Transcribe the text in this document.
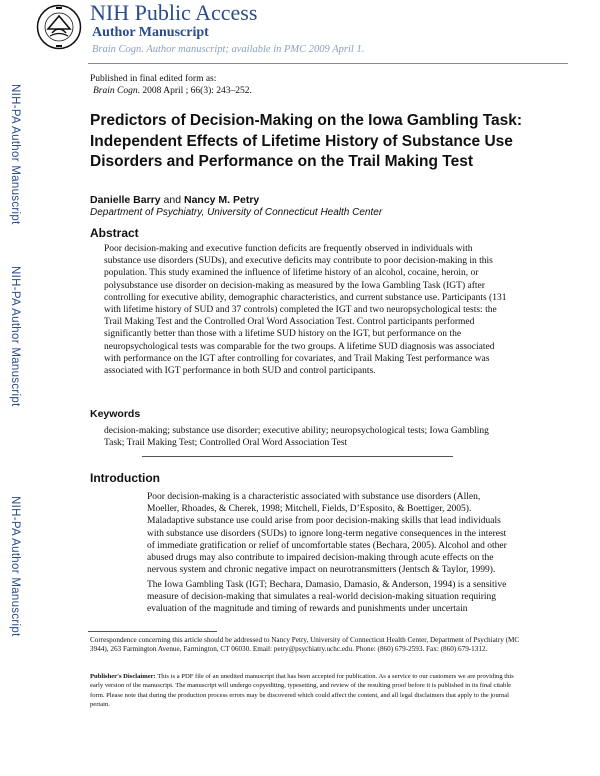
NIH Public Access
Author Manuscript
Brain Cogn. Author manuscript; available in PMC 2009 April 1.
NIH-PA Author Manuscript
NIH-PA Author Manuscript
NIH-PA Author Manuscript
Published in final edited form as:
Brain Cogn. 2008 April ; 66(3): 243–252.
Predictors of Decision-Making on the Iowa Gambling Task: Independent Effects of Lifetime History of Substance Use Disorders and Performance on the Trail Making Test
Danielle Barry and Nancy M. Petry
Department of Psychiatry, University of Connecticut Health Center
Abstract

Poor decision-making and executive function deficits are frequently observed in individuals with substance use disorders (SUDs), and executive deficits may contribute to poor decision-making in this population. This study examined the influence of lifetime history of an alcohol, cocaine, heroin, or polysubstance use disorder on decision-making as measured by the Iowa Gambling Task (IGT) after controlling for executive ability, demographic characteristics, and current substance use. Participants (131 with lifetime history of SUD and 37 controls) completed the IGT and two neuropsychological tests: the Trail Making Test and the Controlled Oral Word Association Test. Control participants performed significantly better than those with a lifetime SUD history on the IGT, but performance on the neuropsychological tests was comparable for the two groups. A lifetime SUD diagnosis was associated with performance on the IGT after controlling for covariates, and Trail Making Test performance was associated with IGT performance in both SUD and control participants.

Keywords

decision-making; substance use disorder; executive ability; neuropsychological tests; Iowa Gambling Task; Trail Making Test; Controlled Oral Word Association Test

Introduction

Poor decision-making is a characteristic associated with substance use disorders (Allen, Moeller, Rhoades, & Cherek, 1998; Mitchell, Fields, D’Esposito, & Boettiger, 2005). Maladaptive substance use could arise from poor decision-making skills that lead individuals with substance use disorders (SUDs) to ignore long-term negative consequences in the interest of immediate gratification or relief of uncomfortable states (Bechara, 2005). Alcohol and other abused drugs may also contribute to impaired decision-making through acute effects on the nervous system and chronic negative impact on neurotransmitters (Jentsch & Taylor, 1999).

The Iowa Gambling Task (IGT; Bechara, Damasio, Damasio, & Anderson, 1994) is a sensitive measure of decision-making that simulates a real-world decision-making situation requiring evaluation of the magnitude and timing of rewards and punishments under uncertain

Correspondence concerning this article should be addressed to Nancy Petry, University of Connecticut Health Center, Department of Psychiatry (MC 3944), 263 Farmington Avenue, Farmington, CT 06030. Email: petry@psychiatry.uchc.edu. Phone: (860) 679-2593. Fax: (860) 679-1312.

Publisher's Disclaimer: This is a PDF file of an unedited manuscript that has been accepted for publication. As a service to our customers we are providing this early version of the manuscript. The manuscript will undergo copyediting, typesetting, and review of the resulting proof before it is published in its final citable form. Please note that during the production process errors may be discovered which could affect the content, and all legal disclaimers that apply to the journal pertain.
